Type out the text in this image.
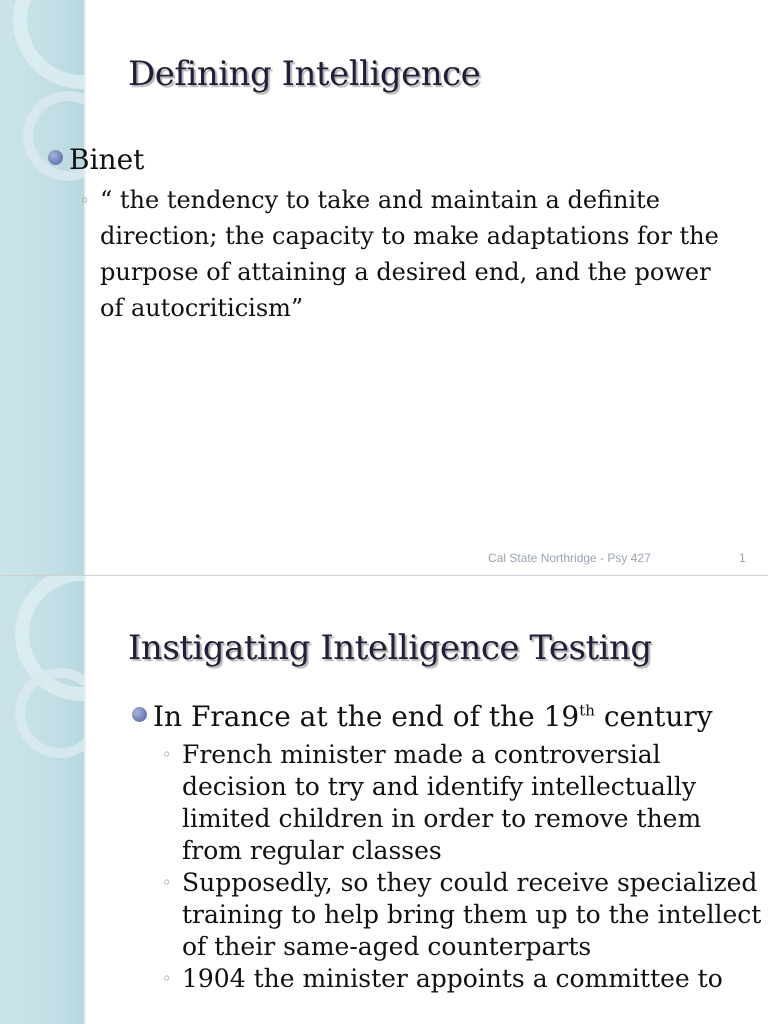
Defining Intelligence
Binet
◦ “ the tendency to take and maintain a definite direction; the capacity to make adaptations for the purpose of attaining a desired end, and the power of autocriticism”
Cal State Northridge - Psy 427	1
Instigating Intelligence Testing
In France at the end of the 19th century
◦ French minister made a controversial decision to try and identify intellectually limited children in order to remove them from regular classes
◦ Supposedly, so they could receive specialized training to help bring them up to the intellect of their same-aged counterparts
◦ 1904 the minister appoints a committee to
